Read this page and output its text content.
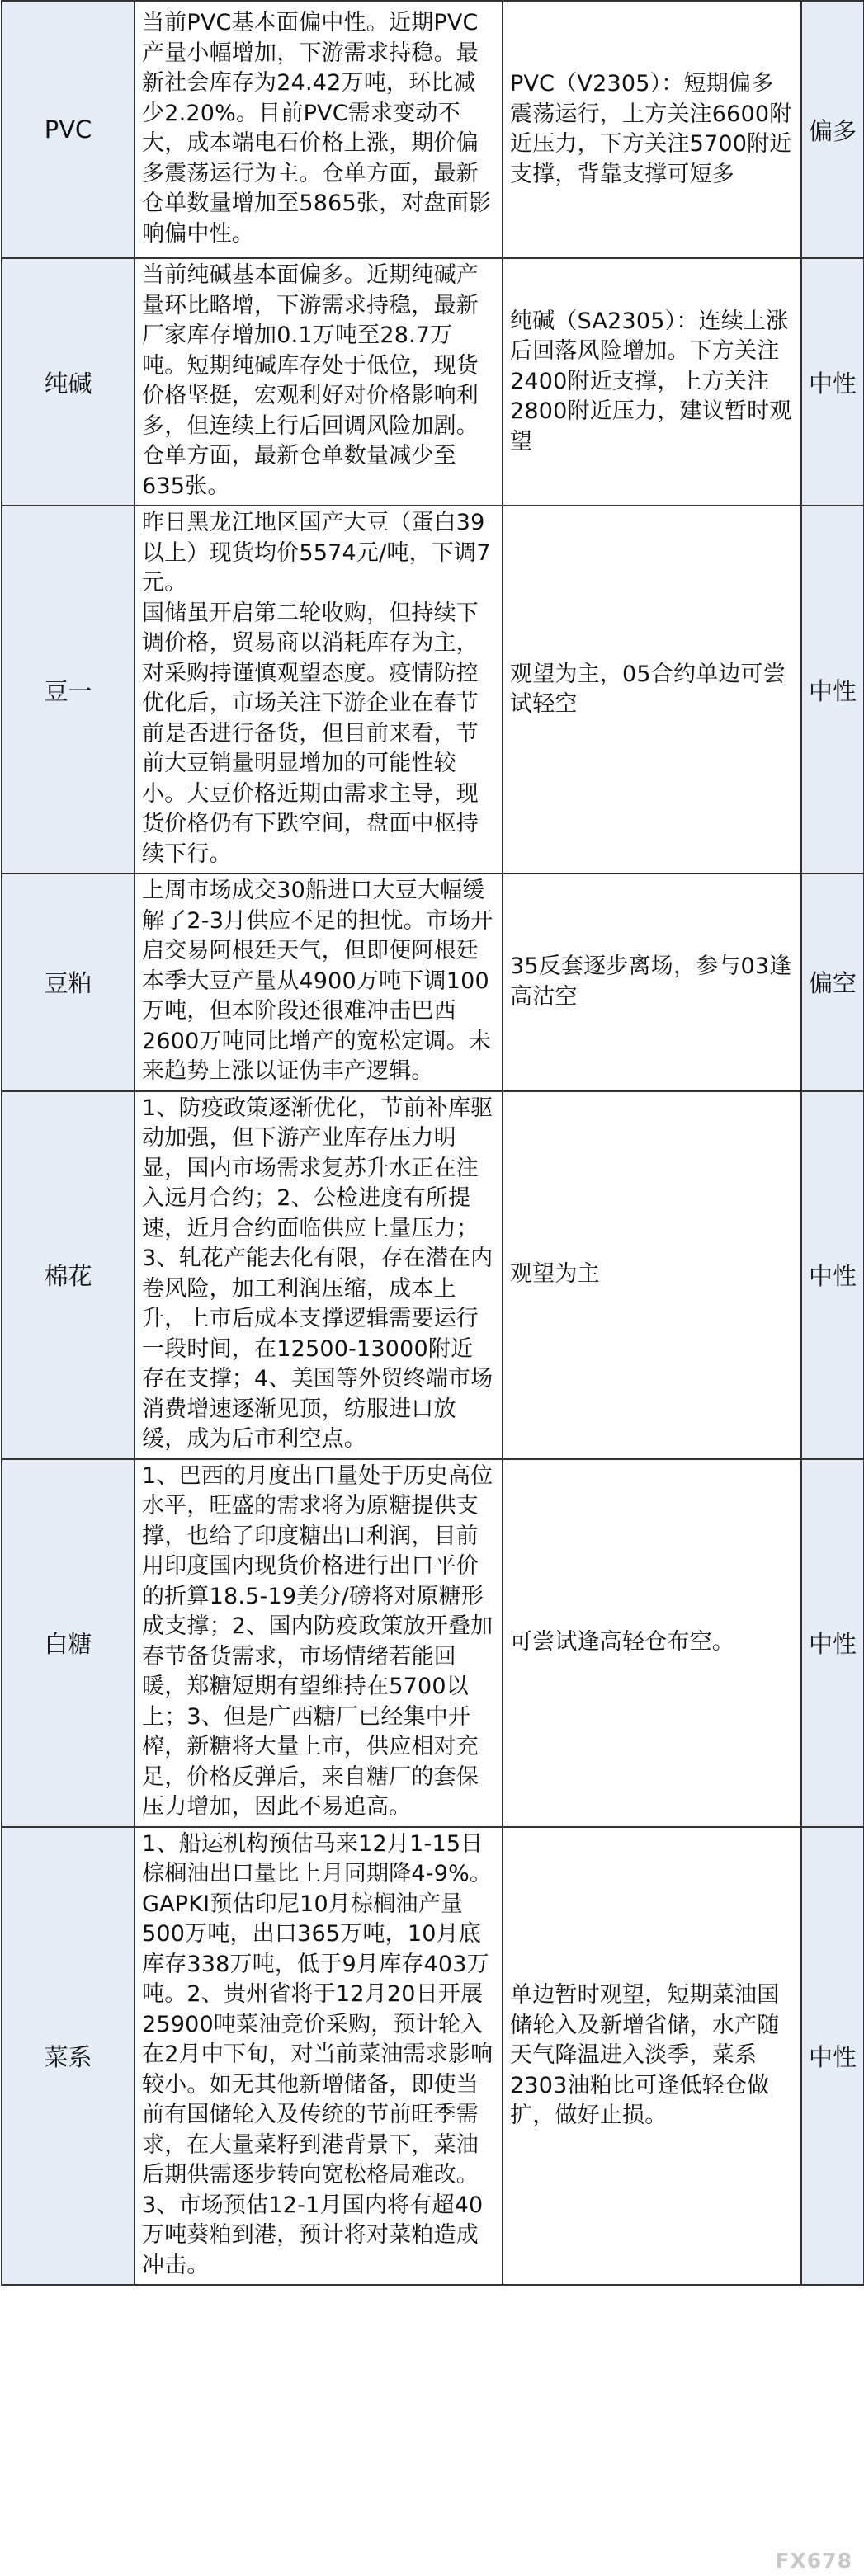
PVC	当前PVC基本面偏中性。近期PVC产量小幅增加，下游需求持稳。最新社会库存为24.42万吨，环比减少2.20%。目前PVC需求变动不大，成本端电石价格上涨，期价偏多震荡运行为主。仓单方面，最新仓单数量增加至5865张，对盘面影响偏中性。	PVC（V2305）：短期偏多震荡运行，上方关注6600附近压力，下方关注5700附近支撑，背靠支撑可短多	偏多
纯碱	当前纯碱基本面偏多。近期纯碱产量环比略增，下游需求持稳，最新厂家库存增加0.1万吨至28.7万吨。短期纯碱库存处于低位，现货价格坚挺，宏观利好对价格影响利多，但连续上行后回调风险加剧。仓单方面，最新仓单数量减少至635张。	纯碱（SA2305）：连续上涨后回落风险增加。下方关注2400附近支撑，上方关注2800附近压力，建议暂时观望	中性
豆一	昨日黑龙江地区国产大豆（蛋白39以上）现货均价5574元/吨，下调7元。
国储虽开启第二轮收购，但持续下调价格，贸易商以消耗库存为主，对采购持谨慎观望态度。疫情防控优化后，市场关注下游企业在春节前是否进行备货，但目前来看，节前大豆销量明显增加的可能性较小。大豆价格近期由需求主导，现货价格仍有下跌空间，盘面中枢持续下行。	观望为主，05合约单边可尝试轻空	中性
豆粕	上周市场成交30船进口大豆大幅缓解了2-3月供应不足的担忧。市场开启交易阿根廷天气，但即便阿根廷本季大豆产量从4900万吨下调100万吨，但本阶段还很难冲击巴西2600万吨同比增产的宽松定调。未来趋势上涨以证伪丰产逻辑。	35反套逐步离场，参与03逢高沽空	偏空
棉花	1、防疫政策逐渐优化，节前补库驱动加强，但下游产业库存压力明显，国内市场需求复苏升水正在注入远月合约；2、公检进度有所提速，近月合约面临供应上量压力；3、轧花产能去化有限，存在潜在内卷风险，加工利润压缩，成本上升，上市后成本支撑逻辑需要运行一段时间，在12500-13000附近存在支撑；4、美国等外贸终端市场消费增速逐渐见顶，纺服进口放缓，成为后市利空点。	观望为主	中性
白糖	1、巴西的月度出口量处于历史高位水平，旺盛的需求将为原糖提供支撑，也给了印度糖出口利润，目前用印度国内现货价格进行出口平价的折算18.5-19美分/磅将对原糖形成支撑；2、国内防疫政策放开叠加春节备货需求，市场情绪若能回暖，郑糖短期有望维持在5700以上；3、但是广西糖厂已经集中开榨，新糖将大量上市，供应相对充足，价格反弹后，来自糖厂的套保压力增加，因此不易追高。	可尝试逢高轻仓布空。	中性
菜系	1、船运机构预估马来12月1-15日棕榈油出口量比上月同期降4-9%。GAPKI预估印尼10月棕榈油产量500万吨，出口365万吨，10月底库存338万吨，低于9月库存403万吨。2、贵州省将于12月20日开展25900吨菜油竞价采购，预计轮入在2月中下旬，对当前菜油需求影响较小。如无其他新增储备，即使当前有国储轮入及传统的节前旺季需求，在大量菜籽到港背景下，菜油后期供需逐步转向宽松格局难改。3、市场预估12-1月国内将有超40万吨葵粕到港，预计将对菜粕造成冲击。	单边暂时观望，短期菜油国储轮入及新增省储，水产随天气降温进入淡季，菜系2303油粕比可逢低轻仓做扩，做好止损。	中性
FX678
